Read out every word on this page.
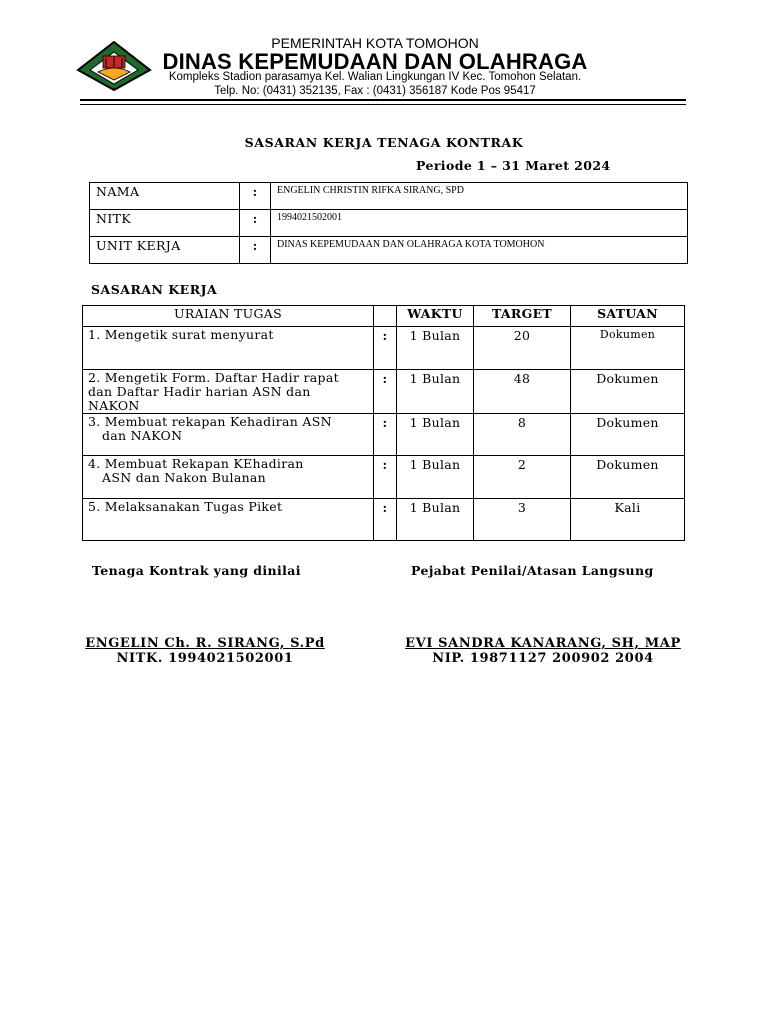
PEMERINTAH KOTA TOMOHON
DINAS KEPEMUDAAN DAN OLAHRAGA
Kompleks Stadion parasamya Kel. Walian Lingkungan IV Kec. Tomohon Selatan.
Telp. No: (0431) 352135, Fax : (0431) 356187 Kode Pos 95417
SASARAN KERJA TENAGA KONTRAK
Periode 1 – 31 Maret 2024
NAMA	:	ENGELIN CHRISTIN RIFKA SIRANG, SPD
NITK	:	1994021502001
UNIT KERJA	:	DINAS KEPEMUDAAN DAN OLAHRAGA KOTA TOMOHON
SASARAN KERJA
URAIAN TUGAS		WAKTU	TARGET	SATUAN
1. Mengetik surat menyurat	:	1 Bulan	20	Dokumen

2. Mengetik Form. Daftar Hadir rapat
dan Daftar Hadir harian ASN dan
NAKON	:	1 Bulan	48	Dokumen

3. Membuat rekapan Kehadiran ASN
dan NAKON	:	1 Bulan	8	Dokumen

4. Membuat Rekapan KEhadiran
ASN dan Nakon Bulanan	:	1 Bulan	2	Dokumen
5. Melaksanakan Tugas Piket	:	1 Bulan	3	Kali
Tenaga Kontrak yang dinilai	Pejabat Penilai/Atasan Langsung
ENGELIN Ch. R. SIRANG, S.Pd
NITK. 1994021502001
EVI SANDRA KANARANG, SH, MAP
NIP. 19871127 200902 2004
